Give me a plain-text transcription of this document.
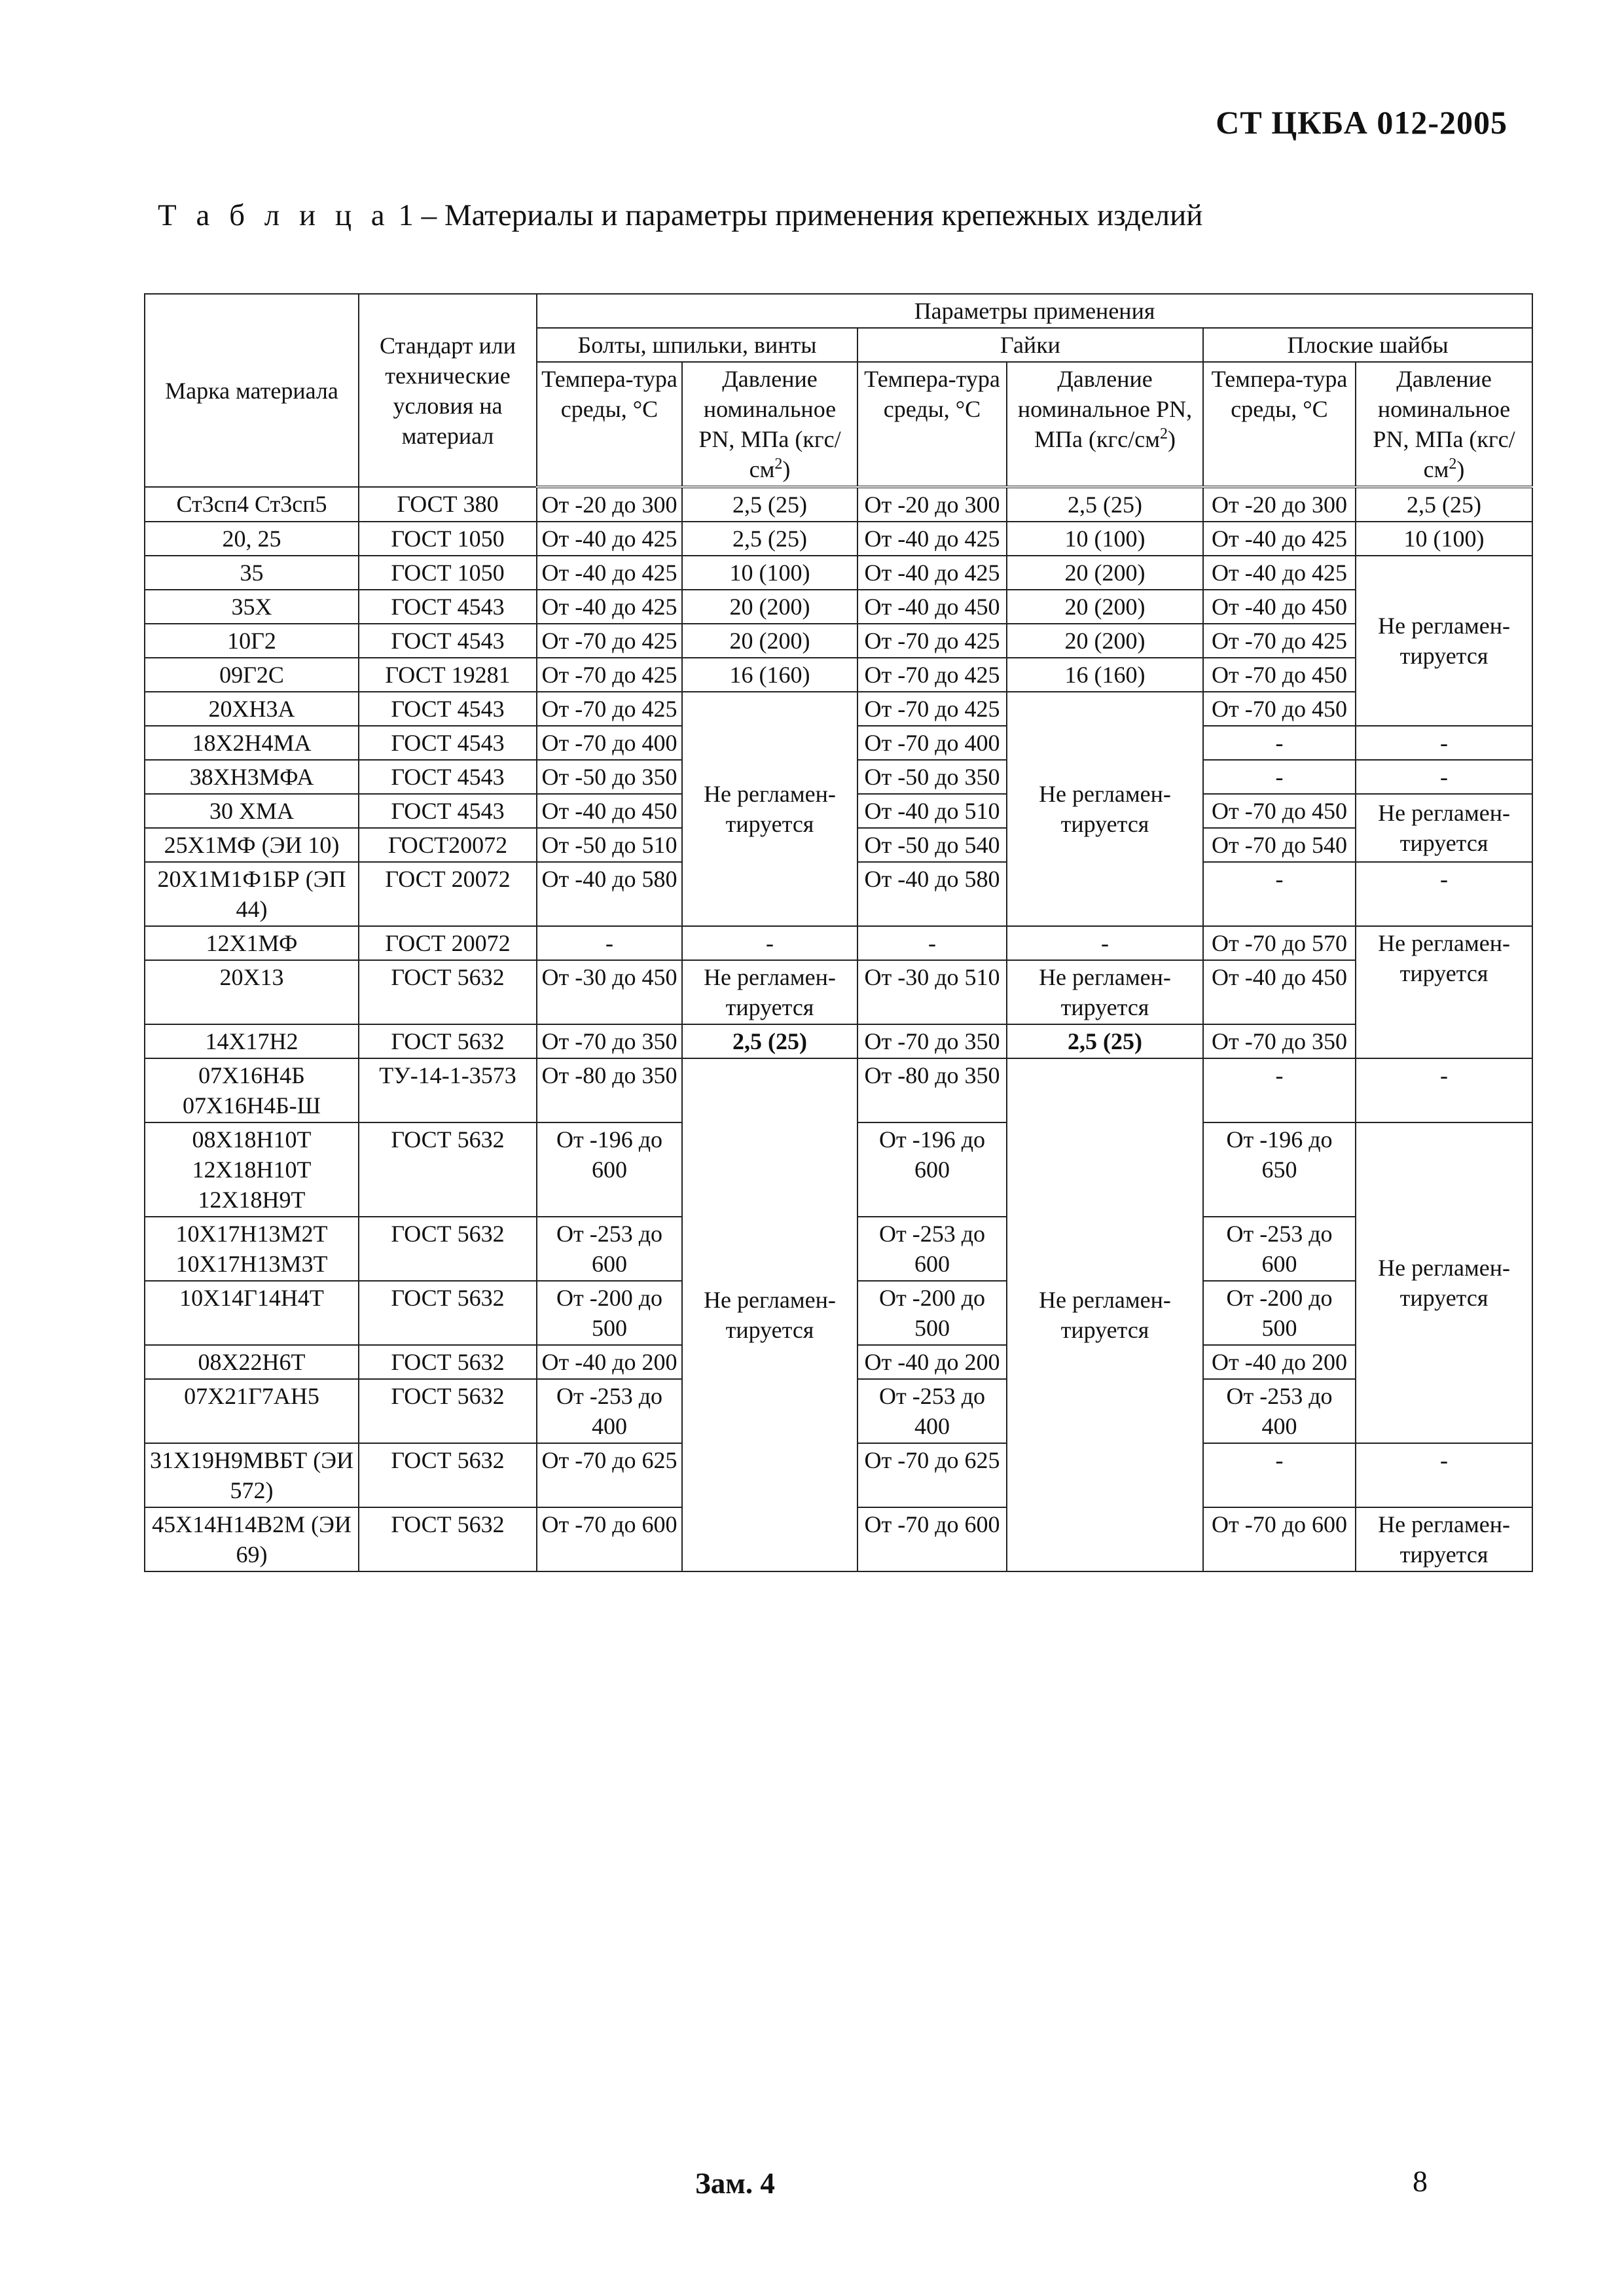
СТ ЦКБА 012-2005
Т а б л и ц а 1 – Материалы и параметры применения крепежных изделий
Марка материала	Стандарт или технические условия на материал	Параметры применения					
		Болты, шпильки, винты		Гайки		Плоские шайбы	
		Темпера-тура среды, °С	Давление номинальное PN, МПа $(кгс/см^2)$	Темпера-тура среды, °С	Давление номинальное PN, МПа $(кгс/см^2)$	Темпера-тура среды, °С	Давление номинальное PN, МПа $(кгс/см^2)$
Ст3сп4 Ст3сп5	ГОСТ 380	От -20 до 300	2,5 (25)	От -20 до 300	2,5 (25)	От -20 до 300	2,5 (25)
20, 25	ГОСТ 1050	От -40 до 425	2,5 (25)	От -40 до 425	10 (100)	От -40 до 425	10 (100)
35	ГОСТ 1050	От -40 до 425	10 (100)	От -40 до 425	20 (200)	От -40 до 425	Не регламен-тируется
35Х	ГОСТ 4543	От -40 до 425	20 (200)	От -40 до 450	20 (200)	От -40 до 450	
10Г2	ГОСТ 4543	От -70 до 425	20 (200)	От -70 до 425	20 (200)	От -70 до 425	
09Г2С	ГОСТ 19281	От -70 до 425	16 (160)	От -70 до 425	16 (160)	От -70 до 450	
20ХН3А	ГОСТ 4543	От -70 до 425	Не регламен-тируется	От -70 до 425	Не регламен-тируется	От -70 до 450	
18Х2Н4МА	ГОСТ 4543	От -70 до 400		От -70 до 400		-	-
38ХН3МФА	ГОСТ 4543	От -50 до 350		От -50 до 350		-	-
30 ХМА	ГОСТ 4543	От -40 до 450		От -40 до 510		От -70 до 450	Не регламен-тируется
25Х1МФ (ЭИ 10)	ГОСТ20072	От -50 до 510		От -50 до 540		От -70 до 540	
20Х1М1Ф1БР (ЭП 44)	ГОСТ 20072	От -40 до 580		От -40 до 580		-	-
12Х1МФ	ГОСТ 20072	-	-	-	-	От -70 до 570	Не регламен-тируется
20Х13	ГОСТ 5632	От -30 до 450	Не регламен-тируется	От -30 до 510	Не регламен-тируется	От -40 до 450	
14Х17Н2	ГОСТ 5632	От -70 до 350	2,5 (25)	От -70 до 350	2,5 (25)	От -70 до 350	
07Х16Н4Б 07Х16Н4Б-Ш	ТУ-14-1-3573	От -80 до 350	Не регламен-тируется	От -80 до 350	Не регламен-тируется	-	-
08Х18Н10Т 12Х18Н10Т 12Х18Н9Т	ГОСТ 5632	От -196 до 600		От -196 до 600		От -196 до 650	Не регламен-тируется
10Х17Н13М2Т 10Х17Н13М3Т	ГОСТ 5632	От -253 до 600		От -253 до 600		От -253 до 600	
10Х14Г14Н4Т	ГОСТ 5632	От -200 до 500		От -200 до 500		От -200 до 500	
08Х22Н6Т	ГОСТ 5632	От -40 до 200		От -40 до 200		От -40 до 200	
07Х21Г7АН5	ГОСТ 5632	От -253 до 400		От -253 до 400		От -253 до 400	
31Х19Н9МВБТ (ЭИ 572)	ГОСТ 5632	От -70 до 625		От -70 до 625		-	-
45Х14Н14В2М (ЭИ 69)	ГОСТ 5632	От -70 до 600		От -70 до 600		От -70 до 600	Не регламен-тируется
Зам. 4	8
